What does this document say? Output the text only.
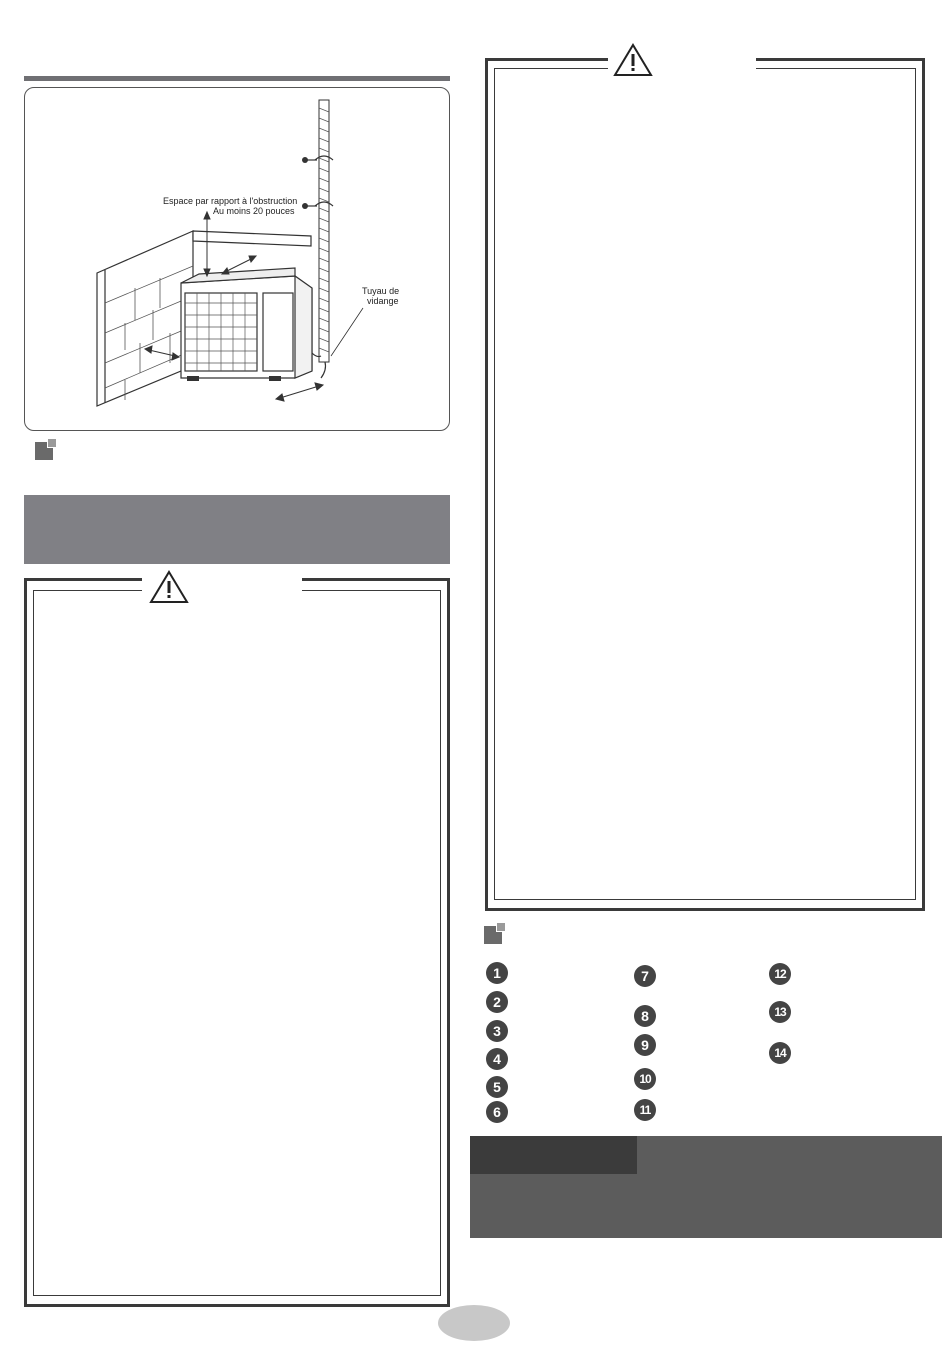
Espace par rapport à l'obstruction
Au moins 20 pouces
Tuyau de
vidange
1
2
3
4
5
6
7
8
9
10
11
12
13
14
